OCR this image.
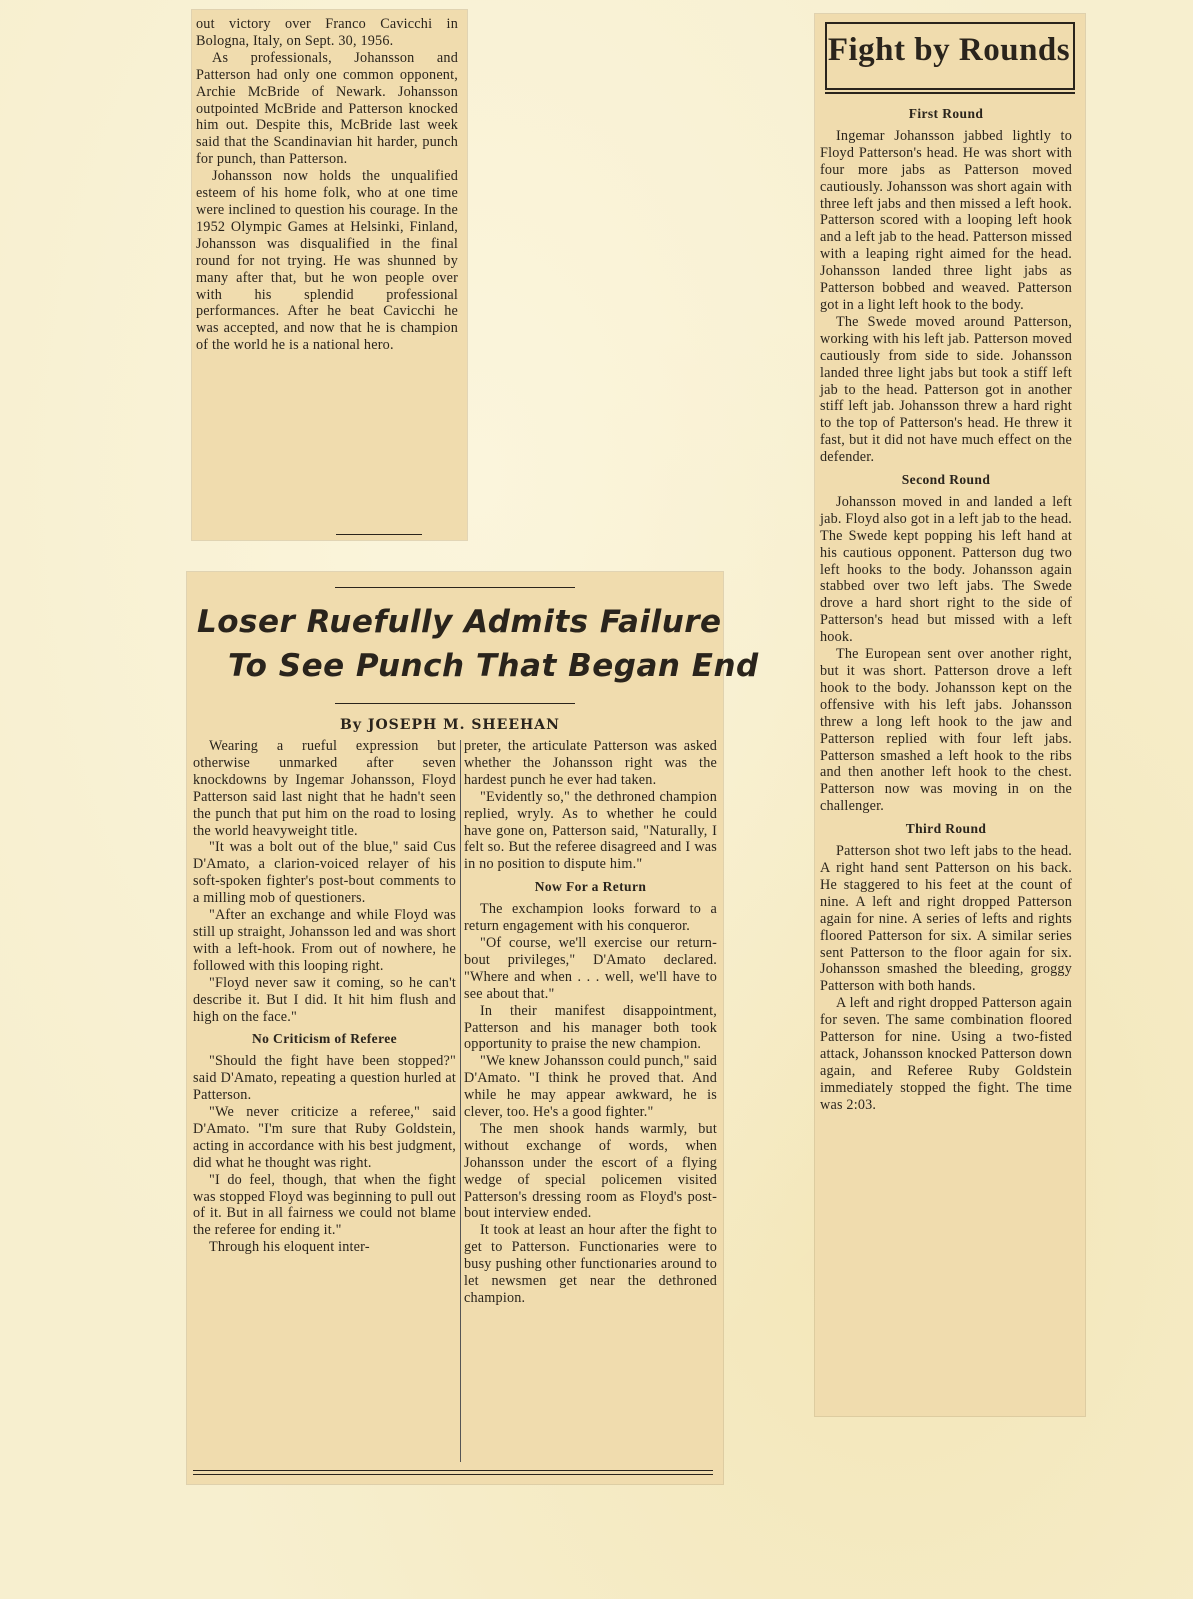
out victory over Franco Cavicchi in Bologna, Italy, on Sept. 30, 1956.

As professionals, Johansson and Patterson had only one common opponent, Archie McBride of Newark. Johansson outpointed McBride and Patterson knocked him out. Despite this, McBride last week said that the Scandinavian hit harder, punch for punch, than Patterson.

Johansson now holds the unqualified esteem of his home folk, who at one time were inclined to question his courage. In the 1952 Olympic Games at Helsinki, Finland, Johansson was disqualified in the final round for not trying. He was shunned by many after that, but he won people over with his splendid professional performances. After he beat Cavicchi he was accepted, and now that he is champion of the world he is a national hero.

Loser Ruefully Admits Failure
To See Punch That Began End
By JOSEPH M. SHEEHAN

Wearing a rueful expression but otherwise unmarked after seven knockdowns by Ingemar Johansson, Floyd Patterson said last night that he hadn't seen the punch that put him on the road to losing the world heavyweight title.

"It was a bolt out of the blue," said Cus D'Amato, a clarion-voiced relayer of his soft-spoken fighter's post-bout comments to a milling mob of questioners.

"After an exchange and while Floyd was still up straight, Johansson led and was short with a left-hook. From out of nowhere, he followed with this looping right.

"Floyd never saw it coming, so he can't describe it. But I did. It hit him flush and high on the face."

No Criticism of Referee

"Should the fight have been stopped?" said D'Amato, repeating a question hurled at Patterson.

"We never criticize a referee," said D'Amato. "I'm sure that Ruby Goldstein, acting in accordance with his best judgment, did what he thought was right.

"I do feel, though, that when the fight was stopped Floyd was beginning to pull out of it. But in all fairness we could not blame the referee for ending it."

Through his eloquent inter-

preter, the articulate Patterson was asked whether the Johansson right was the hardest punch he ever had taken.

"Evidently so," the dethroned champion replied, wryly. As to whether he could have gone on, Patterson said, "Naturally, I felt so. But the referee disagreed and I was in no position to dispute him."

Now For a Return

The exchampion looks forward to a return engagement with his conqueror.

"Of course, we'll exercise our return-bout privileges," D'Amato declared. "Where and when . . . well, we'll have to see about that."

In their manifest disappointment, Patterson and his manager both took opportunity to praise the new champion.

"We knew Johansson could punch," said D'Amato. "I think he proved that. And while he may appear awkward, he is clever, too. He's a good fighter."

The men shook hands warmly, but without exchange of words, when Johansson under the escort of a flying wedge of special policemen visited Patterson's dressing room as Floyd's post-bout interview ended.

It took at least an hour after the fight to get to Patterson. Functionaries were to busy pushing other functionaries around to let newsmen get near the dethroned champion.

Fight by Rounds
First Round

Ingemar Johansson jabbed lightly to Floyd Patterson's head. He was short with four more jabs as Patterson moved cautiously. Johansson was short again with three left jabs and then missed a left hook. Patterson scored with a looping left hook and a left jab to the head. Patterson missed with a leaping right aimed for the head. Johansson landed three light jabs as Patterson bobbed and weaved. Patterson got in a light left hook to the body.

The Swede moved around Patterson, working with his left jab. Patterson moved cautiously from side to side. Johansson landed three light jabs but took a stiff left jab to the head. Patterson got in another stiff left jab. Johansson threw a hard right to the top of Patterson's head. He threw it fast, but it did not have much effect on the defender.

Second Round

Johansson moved in and landed a left jab. Floyd also got in a left jab to the head. The Swede kept popping his left hand at his cautious opponent. Patterson dug two left hooks to the body. Johansson again stabbed over two left jabs. The Swede drove a hard short right to the side of Patterson's head but missed with a left hook.

The European sent over another right, but it was short. Patterson drove a left hook to the body. Johansson kept on the offensive with his left jabs. Johansson threw a long left hook to the jaw and Patterson replied with four left jabs. Patterson smashed a left hook to the ribs and then another left hook to the chest. Patterson now was moving in on the challenger.

Third Round

Patterson shot two left jabs to the head. A right hand sent Patterson on his back. He staggered to his feet at the count of nine. A left and right dropped Patterson again for nine. A series of lefts and rights floored Patterson for six. A similar series sent Patterson to the floor again for six. Johansson smashed the bleeding, groggy Patterson with both hands.

A left and right dropped Patterson again for seven. The same combination floored Patterson for nine. Using a two-fisted attack, Johansson knocked Patterson down again, and Referee Ruby Goldstein immediately stopped the fight. The time was 2:03.
